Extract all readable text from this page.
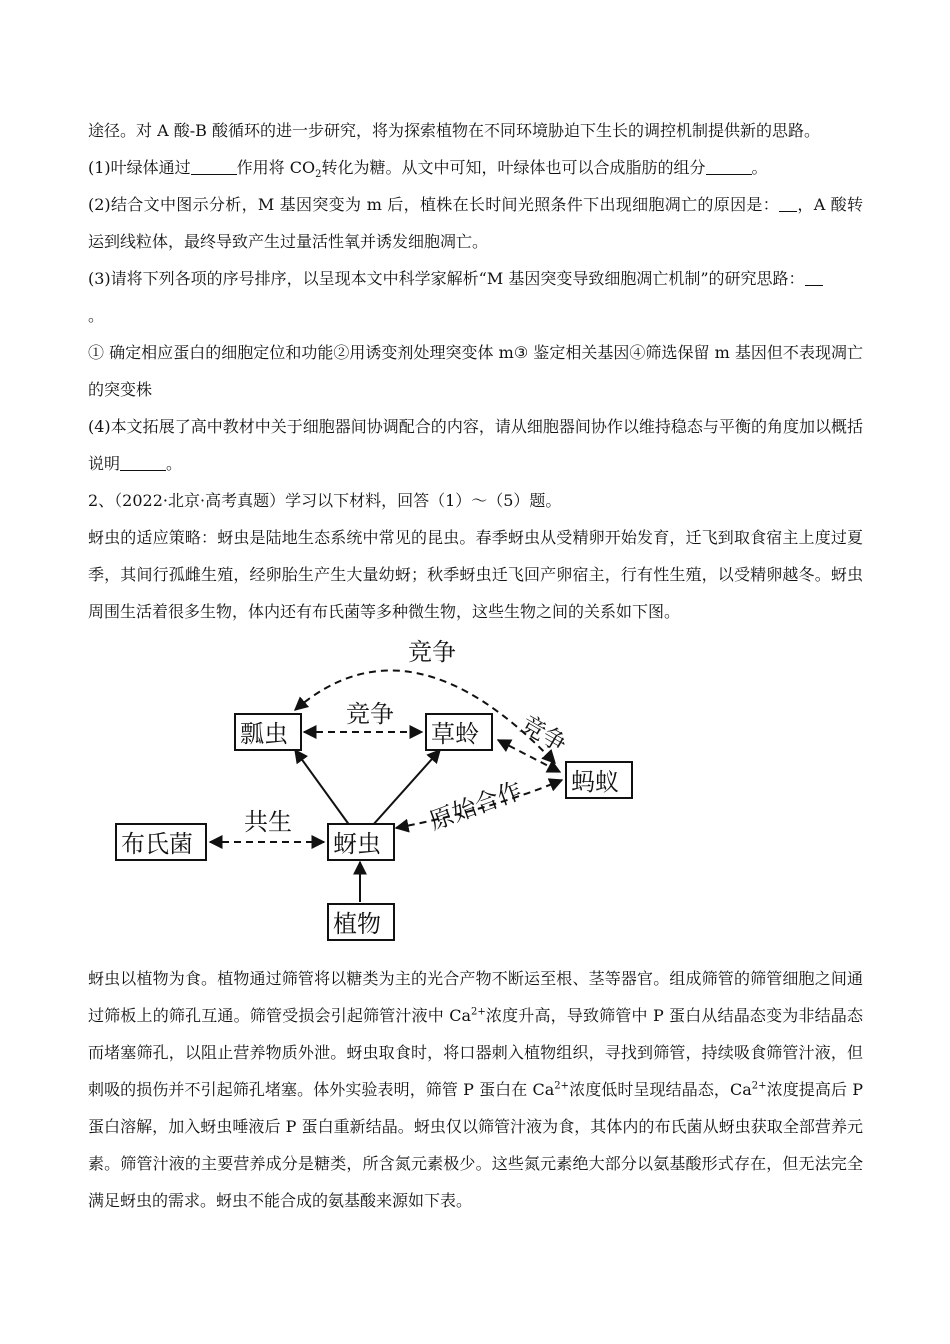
途径。对 A 酸-B 酸循环的进一步研究，将为探索植物在不同环境胁迫下生长的调控机制提供新的思路。

(1)叶绿体通过	作用将 $CO_2$转化为糖。从文中可知，叶绿体也可以合成脂肪的组分	。

(2)结合文中图示分析，M 基因突变为 m 后，植株在长时间光照条件下出现细胞凋亡的原因是： ，A 酸转运到线粒体，最终导致产生过量活性氧并诱发细胞凋亡。

(3)请将下列各项的序号排序，以呈现本文中科学家解析“M 基因突变导致细胞凋亡机制”的研究思路：
。

① 确定相应蛋白的细胞定位和功能②用诱变剂处理突变体 m③ 鉴定相关基因④筛选保留 m 基因但不表现凋亡的突变株

(4)本文拓展了高中教材中关于细胞器间协调配合的内容，请从细胞器间协作以维持稳态与平衡的角度加以概括说明	。

2、（2022·北京·高考真题）学习以下材料，回答（1）～（5）题。

蚜虫的适应策略：蚜虫是陆地生态系统中常见的昆虫。春季蚜虫从受精卵开始发育，迁飞到取食宿主上度过夏季，其间行孤雌生殖，经卵胎生产生大量幼蚜；秋季蚜虫迁飞回产卵宿主，行有性生殖，以受精卵越冬。蚜虫周围生活着很多生物，体内还有布氏菌等多种微生物，这些生物之间的关系如下图。

竞争
竞争	竞争
原始合作
共生
瓢虫	草蛉
蚂蚁
布氏菌	蚜虫
植物

蚜虫以植物为食。植物通过筛管将以糖类为主的光合产物不断运至根、茎等器官。组成筛管的筛管细胞之间通过筛板上的筛孔互通。筛管受损会引起筛管汁液中 $Ca^{2+}$浓度升高，导致筛管中 P 蛋白从结晶态变为非结晶态而堵塞筛孔，以阻止营养物质外泄。蚜虫取食时，将口器刺入植物组织，寻找到筛管，持续吸食筛管汁液，但刺吸的损伤并不引起筛孔堵塞。体外实验表明，筛管 P 蛋白在 $Ca^{2+}$浓度低时呈现结晶态，$Ca^{2+}$浓度提高后 P 蛋白溶解，加入蚜虫唾液后 P 蛋白重新结晶。蚜虫仅以筛管汁液为食，其体内的布氏菌从蚜虫获取全部营养元素。筛管汁液的主要营养成分是糖类，所含氮元素极少。这些氮元素绝大部分以氨基酸形式存在，但无法完全满足蚜虫的需求。蚜虫不能合成的氨基酸来源如下表。
